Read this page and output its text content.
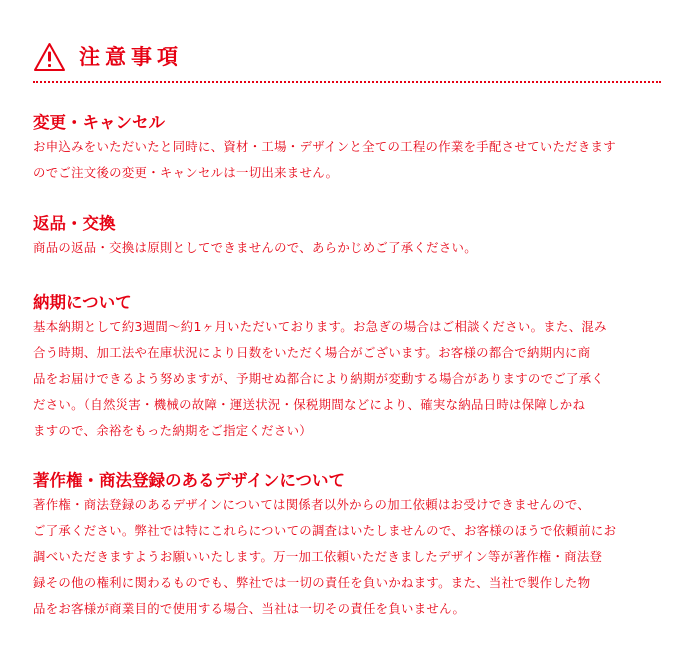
注意事項
変更・キャンセル

お申込みをいただいたと同時に、資材・工場・デザインと全ての工程の作業を手配させていただきます
のでご注文後の変更・キャンセルは一切出来ません。

返品・交換

商品の返品・交換は原則としてできませんので、あらかじめご了承ください。

納期について

基本納期として約3週間～約1ヶ月いただいております。お急ぎの場合はご相談ください。また、混み
合う時期、加工法や在庫状況により日数をいただく場合がございます。お客様の都合で納期内に商
品をお届けできるよう努めますが、予期せぬ都合により納期が変動する場合がありますのでご了承く
ださい。（自然災害・機械の故障・運送状況・保税期間などにより、確実な納品日時は保障しかね
ますので、余裕をもった納期をご指定ください）

著作権・商法登録のあるデザインについて

著作権・商法登録のあるデザインについては関係者以外からの加工依頼はお受けできませんので、
ご了承ください。弊社では特にこれらについての調査はいたしませんので、お客様のほうで依頼前にお
調べいただきますようお願いいたします。万一加工依頼いただきましたデザイン等が著作権・商法登
録その他の権利に関わるものでも、弊社では一切の責任を負いかねます。また、当社で製作した物
品をお客様が商業目的で使用する場合、当社は一切その責任を負いません。
